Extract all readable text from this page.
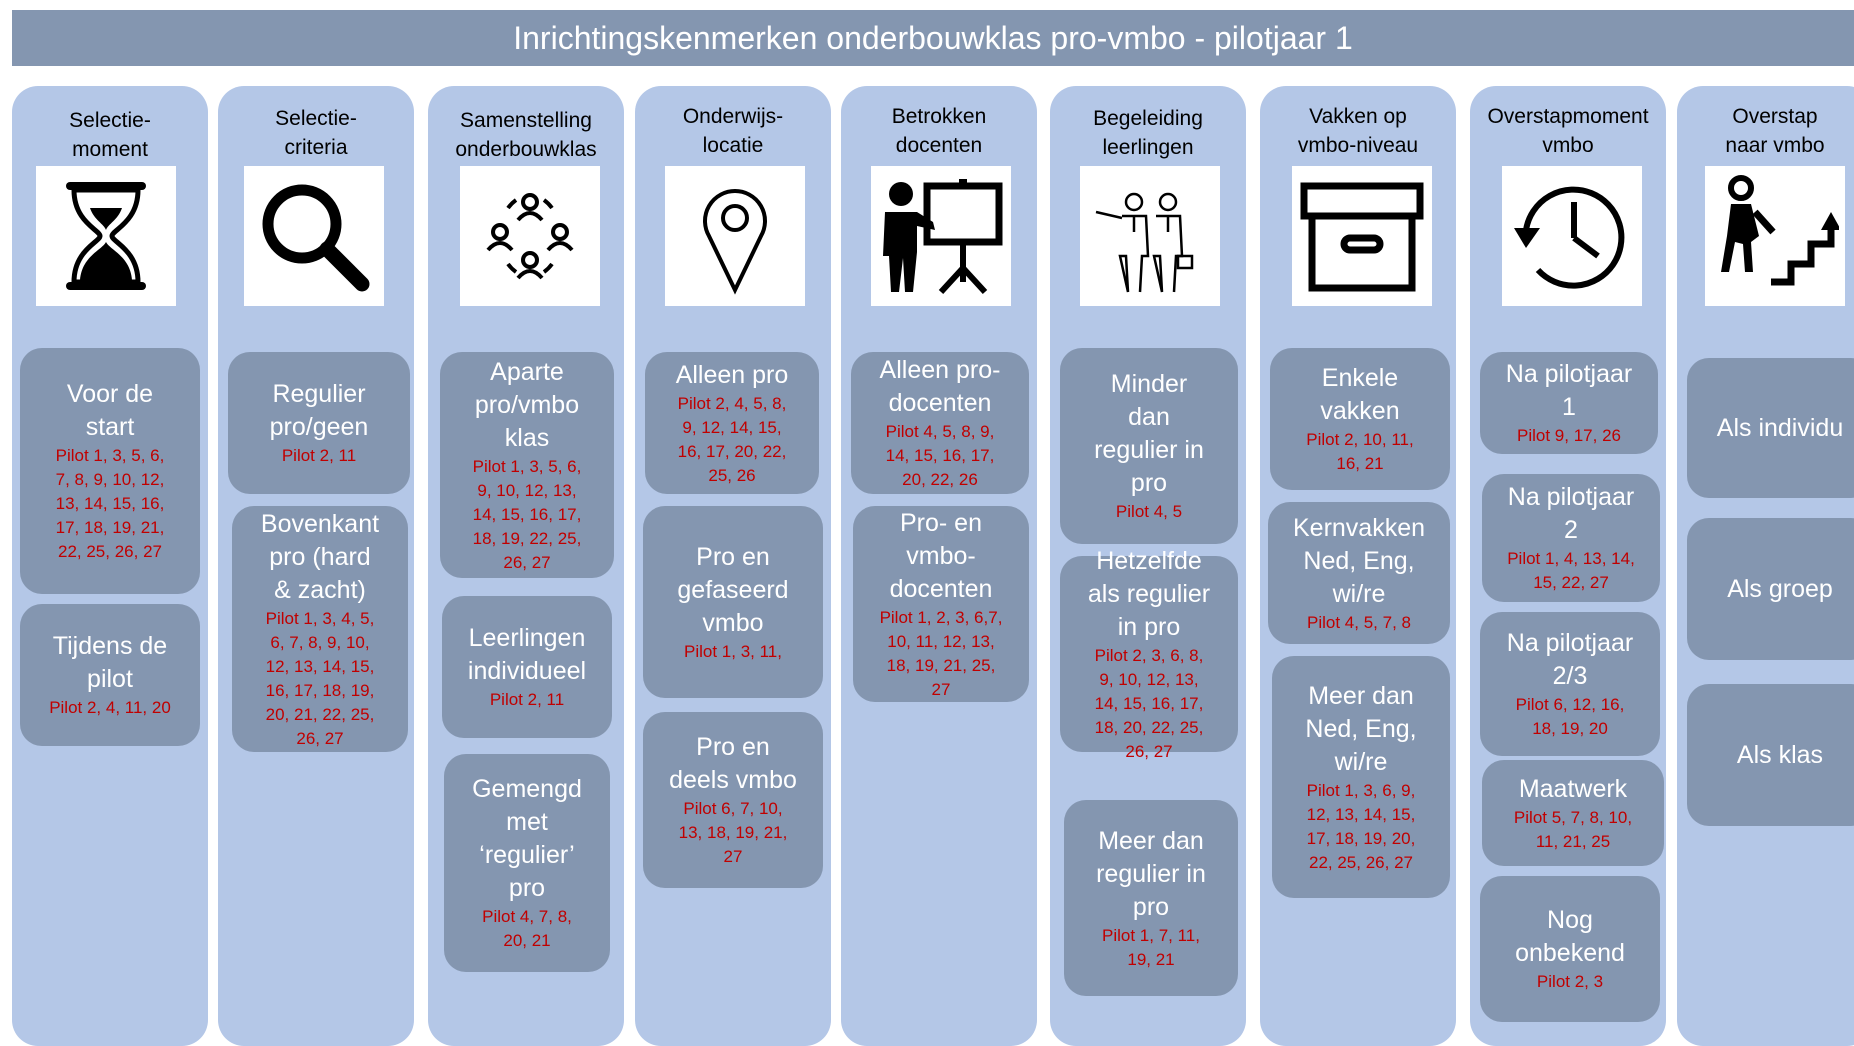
Inrichtingskenmerken onderbouwklas pro-vmbo - pilotjaar 1
Selectie-
moment
Voor de
start
Pilot 1, 3, 5, 6,
7, 8, 9, 10, 12,
13, 14, 15, 16,
17, 18, 19, 21,
22, 25, 26, 27
Tijdens de
pilot
Pilot 2, 4, 11, 20
Selectie-
criteria
Regulier
pro/geen
Pilot 2, 11
Bovenkant
pro (hard
& zacht)
Pilot 1, 3, 4, 5,
6, 7, 8, 9, 10,
12, 13, 14, 15,
16, 17, 18, 19,
20, 21, 22, 25,
26, 27
Samenstelling
onderbouwklas
Aparte
pro/vmbo
klas
Pilot 1, 3, 5, 6,
9, 10, 12, 13,
14, 15, 16, 17,
18, 19, 22, 25,
26, 27
Leerlingen
individueel
Pilot 2, 11
Gemengd
met
‘regulier’
pro
Pilot 4, 7, 8,
20, 21
Onderwijs-
locatie
Alleen pro
Pilot 2, 4, 5, 8,
9, 12, 14, 15,
16, 17, 20, 22,
25, 26
Pro en
gefaseerd
vmbo
Pilot 1, 3, 11,
Pro en
deels vmbo
Pilot 6, 7, 10,
13, 18, 19, 21,
27
Betrokken
docenten
Alleen pro-
docenten
Pilot 4, 5, 8, 9,
14, 15, 16, 17,
20, 22, 26
Pro- en
vmbo-
docenten
Pilot 1, 2, 3, 6,7,
10, 11, 12, 13,
18, 19, 21, 25,
27
Begeleiding
leerlingen
Minder
dan
regulier in
pro
Pilot 4, 5
Hetzelfde
als regulier
in pro
Pilot 2, 3, 6, 8,
9, 10, 12, 13,
14, 15, 16, 17,
18, 20, 22, 25,
26, 27
Meer dan
regulier in
pro
Pilot 1, 7, 11,
19, 21
Vakken op
vmbo-niveau
Enkele
vakken
Pilot 2, 10, 11,
16, 21
Kernvakken
Ned, Eng,
wi/re
Pilot 4, 5, 7, 8
Meer dan
Ned, Eng,
wi/re
Pilot 1, 3, 6, 9,
12, 13, 14, 15,
17, 18, 19, 20,
22, 25, 26, 27
Overstapmoment
vmbo
Na pilotjaar
1
Pilot 9, 17, 26
Na pilotjaar
2
Pilot 1, 4, 13, 14,
15, 22, 27
Na pilotjaar
2/3
Pilot 6, 12, 16,
18, 19, 20
Maatwerk
Pilot 5, 7, 8, 10,
11, 21, 25
Nog
onbekend
Pilot 2, 3
Overstap
naar vmbo
Als individu
Als groep
Als klas
